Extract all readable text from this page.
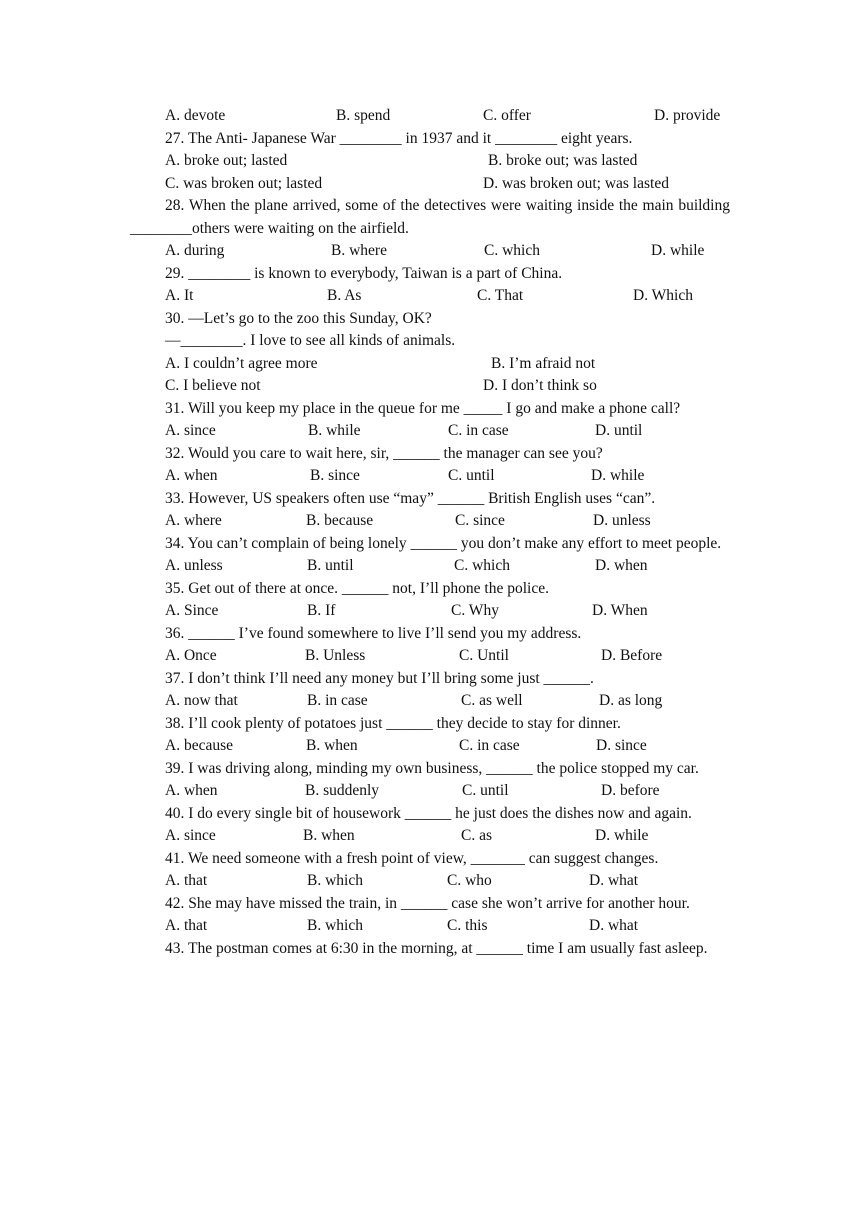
A. devote	B. spend	C. offer	D. provide
27. The Anti- Japanese War ________ in 1937 and it ________ eight years.
A. broke out; lasted	B. broke out; was lasted
C. was broken out; lasted	D. was broken out; was lasted
28. When the plane arrived, some of the detectives were waiting inside the main building ________others were waiting on the airfield.
A. during	B. where	C. which	D. while
29. ________ is known to everybody, Taiwan is a part of China.
A. It	B. As	C. That	D. Which
30. —Let’s go to the zoo this Sunday, OK?
—________. I love to see all kinds of animals.
A. I couldn’t agree more	B. I’m afraid not
C. I believe not	D. I don’t think so
31. Will you keep my place in the queue for me _____ I go and make a phone call?
A. since	B. while	C. in case	D. until
32. Would you care to wait here, sir, ______ the manager can see you?
A. when	B. since	C. until	D. while
33. However, US speakers often use “may” ______ British English uses “can”.
A. where	B. because	C. since	D. unless
34. You can’t complain of being lonely ______ you don’t make any effort to meet people.
A. unless	B. until	C. which	D. when
35. Get out of there at once. ______ not, I’ll phone the police.
A. Since	B. If	C. Why	D. When
36. ______ I’ve found somewhere to live I’ll send you my address.
A. Once	B. Unless	C. Until	D. Before
37. I don’t think I’ll need any money but I’ll bring some just ______.
A. now that	B. in case	C. as well	D. as long
38. I’ll cook plenty of potatoes just ______ they decide to stay for dinner.
A. because	B. when	C. in case	D. since
39. I was driving along, minding my own business, ______ the police stopped my car.
A. when	B. suddenly	C. until	D. before
40. I do every single bit of housework ______ he just does the dishes now and again.
A. since	B. when	C. as	D. while
41. We need someone with a fresh point of view, _______ can suggest changes.
A. that	B. which	C. who	D. what
42. She may have missed the train, in ______ case she won’t arrive for another hour.
A. that	B. which	C. this	D. what
43. The postman comes at 6:30 in the morning, at ______ time I am usually fast asleep.
